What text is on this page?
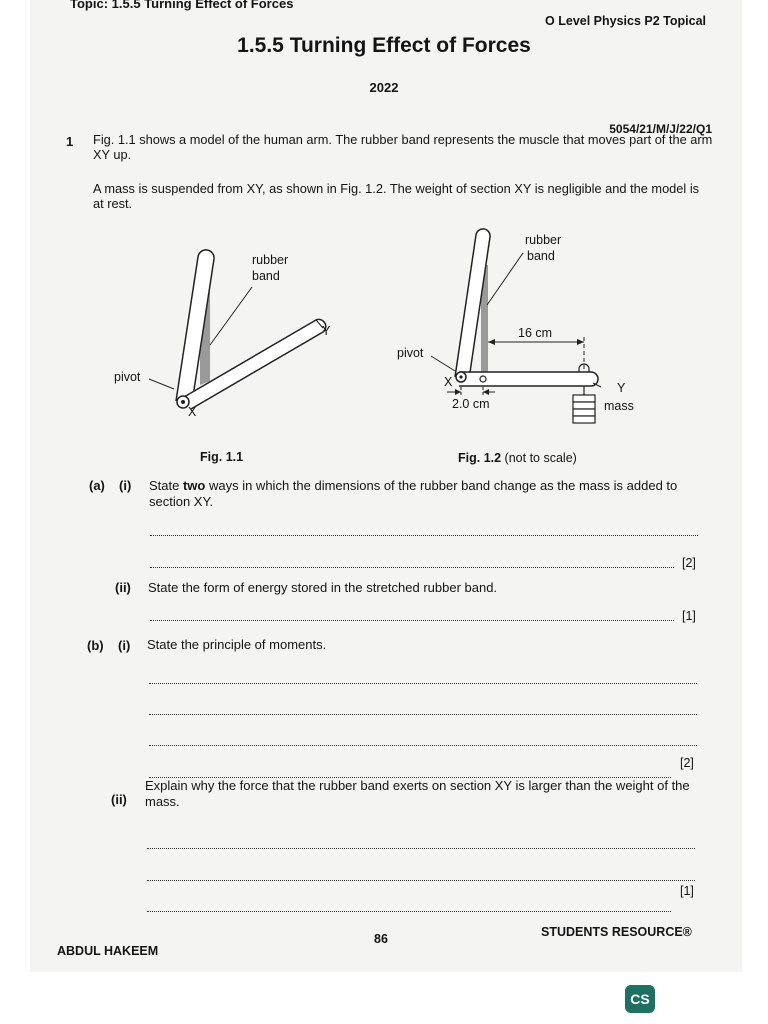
Topic: 1.5.5 Turning Effect of Forces
O Level Physics P2 Topical
1.5.5 Turning Effect of Forces
2022
5054/21/M/J/22/Q1
1 Fig. 1.1 shows a model of the human arm. The rubber band represents the muscle that moves part of the arm XY up.
A mass is suspended from XY, as shown in Fig. 1.2. The weight of section XY is negligible and the model is at rest.
rubber
band
pivot
X
Y
Fig. 1.1
rubber
band
16 cm
pivot
X	Y
2.0 cm	mass
Fig. 1.2 (not to scale)
(a) (i) State two ways in which the dimensions of the rubber band change as the mass is added to section XY.
[2]
(ii) State the form of energy stored in the stretched rubber band.
[1]
(b) (i) State the principle of moments.
[2]
(ii)
Explain why the force that the rubber band exerts on section XY is larger than the weight of the mass.
[1]
86	STUDENTS RESOURCE®
ABDUL HAKEEM
CS
